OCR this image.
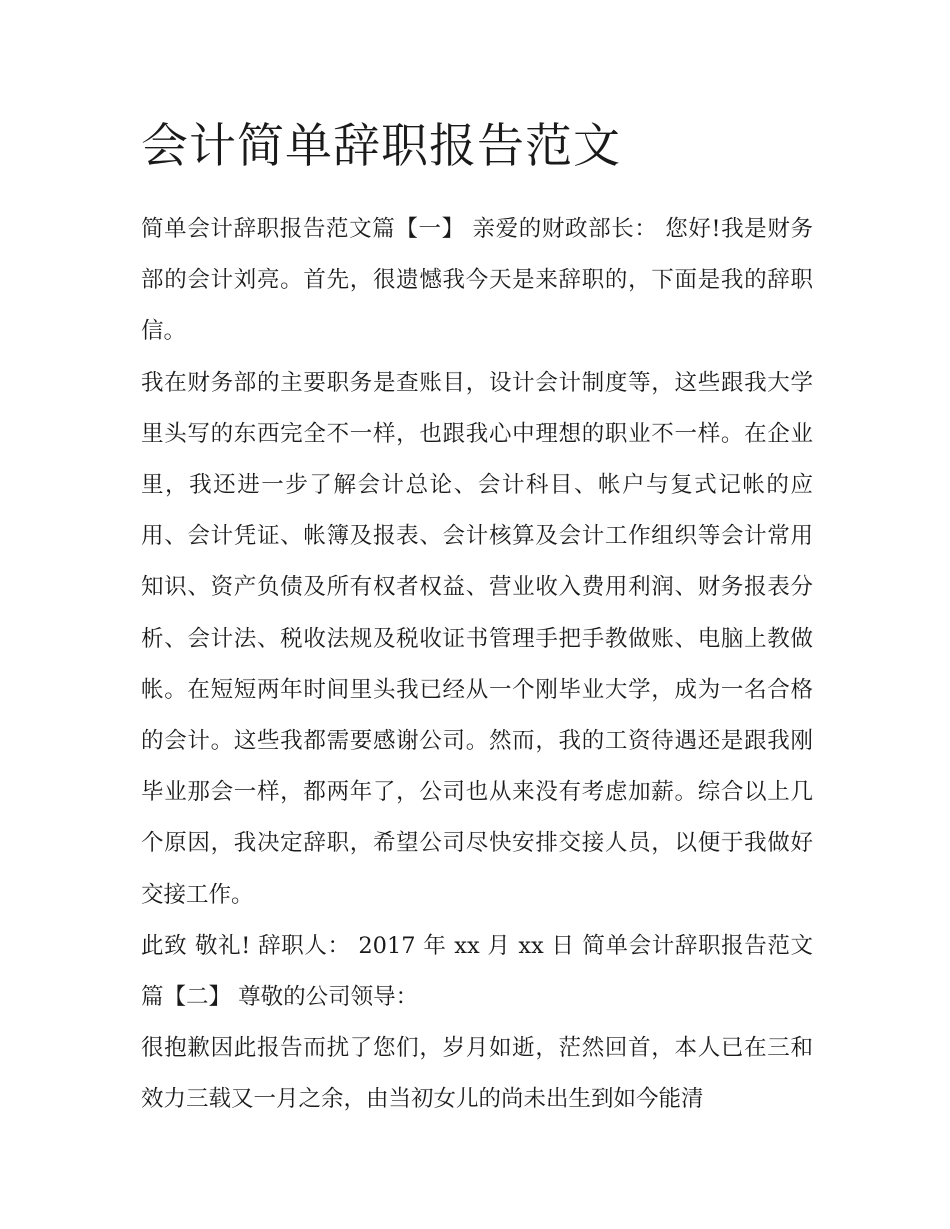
会计简单辞职报告范文

简单会计辞职报告范文篇【一】 亲爱的财政部长： 您好!我是财务部的会计刘亮。首先，很遗憾我今天是来辞职的，下面是我的辞职信。

我在财务部的主要职务是查账目，设计会计制度等，这些跟我大学里头写的东西完全不一样，也跟我心中理想的职业不一样。在企业里，我还进一步了解会计总论、会计科目、帐户与复式记帐的应用、会计凭证、帐簿及报表、会计核算及会计工作组织等会计常用知识、资产负债及所有权者权益、营业收入费用利润、财务报表分析、会计法、税收法规及税收证书管理手把手教做账、电脑上教做帐。在短短两年时间里头我已经从一个刚毕业大学，成为一名合格的会计。这些我都需要感谢公司。然而，我的工资待遇还是跟我刚毕业那会一样，都两年了，公司也从来没有考虑加薪。综合以上几个原因，我决定辞职，希望公司尽快安排交接人员，以便于我做好交接工作。

此致 敬礼! 辞职人： 2017 年 xx 月 xx 日 简单会计辞职报告范文篇【二】 尊敬的公司领导：

很抱歉因此报告而扰了您们，岁月如逝，茫然回首，本人已在三和效力三载又一月之余，由当初女儿的尚未出生到如今能清
